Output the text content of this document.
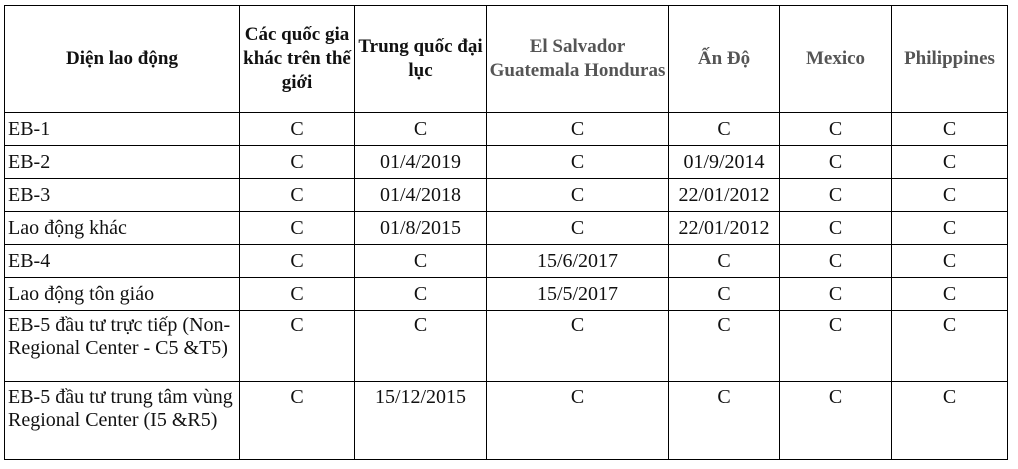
Diện lao động	Các quốc gia khác trên thế giới	Trung quốc đại lục	El Salvador Guatemala Honduras	Ấn Độ	Mexico	Philippines
EB-1	C	C	C	C	C	C
EB-2	C	01/4/2019	C	01/9/2014	C	C
EB-3	C	01/4/2018	C	22/01/2012	C	C
Lao động khác	C	01/8/2015	C	22/01/2012	C	C
EB-4	C	C	15/6/2017	C	C	C
Lao động tôn giáo	C	C	15/5/2017	C	C	C
EB-5 đầu tư trực tiếp (Non-Regional Center - C5 &T5)	C	C	C	C	C	C
EB-5 đầu tư trung tâm vùng Regional Center (I5 &R5)	C	15/12/2015	C	C	C	C
